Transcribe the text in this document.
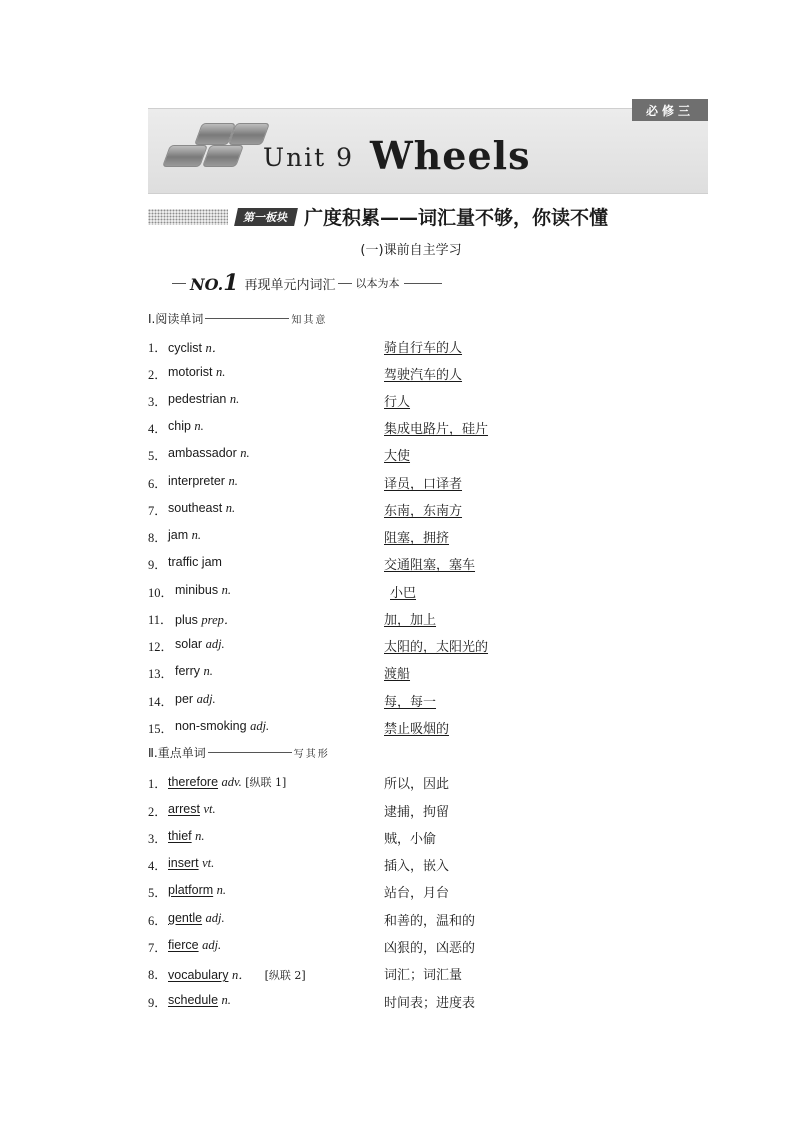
必修三
Unit 9 Wheels
第一板块 广度积累——词汇量不够，你读不懂
(一)课前自主学习
NO.1 再现单元内词汇 以本为本
Ⅰ.阅读单词	知其意
1． cyclist n．	骑自行车的人
2． motorist n.	驾驶汽车的人
3． pedestrian n.	行人
4． chip n.	集成电路片，硅片
5． ambassador n.	大使
6． interpreter n.	译员，口译者
7． southeast n.	东南，东南方
8． jam n.	阻塞，拥挤
9． traffic jam	交通阻塞，塞车
10． minibus n.	小巴
11． plus prep．	加，加上
12． solar adj.	太阳的，太阳光的
13． ferry n.	渡船
14． per adj.	每，每一
15． non-smoking adj.	禁止吸烟的
Ⅱ.重点单词	写其形
1． therefore adv. [纵联 1]	所以，因此
2． arrest vt.	逮捕，拘留
3． thief n.	贼，小偷
4． insert vt.	插入，嵌入
5． platform n.	站台，月台
6． gentle adj.	和善的，温和的
7． fierce adj.	凶狠的，凶恶的
8． vocabulary n． [纵联 2]	词汇；词汇量
9． schedule n.	时间表；进度表
